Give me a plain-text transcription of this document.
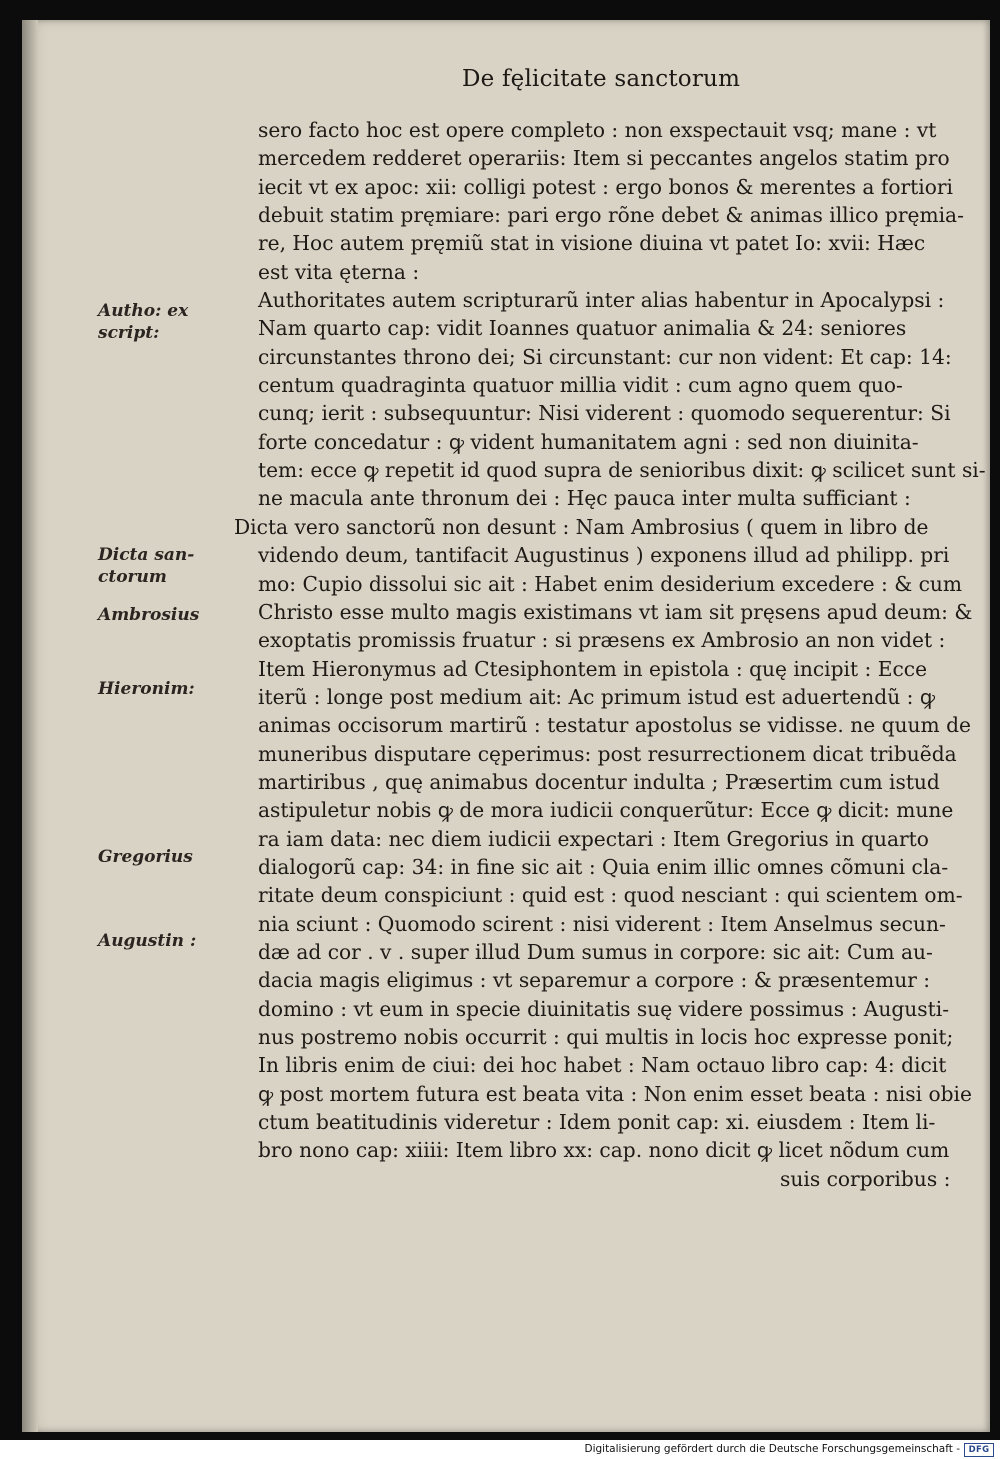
De fęlicitate sanctorum
sero facto hoc est opere completo : non exspectauit vsq; mane : vt
mercedem redderet operariis: Item si peccantes angelos statim pro
iecit vt ex apoc: xii: colligi potest : ergo bonos & merentes a fortiori
debuit statim pręmiare: pari ergo rõne debet & animas illico pręmia-
re, Hoc autem pręmiũ stat in visione diuina vt patet Io: xvii: Hæc
est vita ęterna :
Authoritates autem scripturarũ inter alias habentur in Apocalypsi :
Nam quarto cap: vidit Ioannes quatuor animalia & 24: seniores
circunstantes throno dei; Si circunstant: cur non vident: Et cap: 14:
centum quadraginta quatuor millia vidit : cum agno quem quo-
cunq; ierit : subsequuntur: Nisi viderent : quomodo sequerentur: Si
forte concedatur : ꝙ vident humanitatem agni : sed non diuinita-
tem: ecce ꝙ repetit id quod supra de senioribus dixit: ꝙ scilicet sunt si-
ne macula ante thronum dei : Hęc pauca inter multa sufficiant :
Dicta vero sanctorũ non desunt : Nam Ambrosius ( quem in libro de
videndo deum, tantifacit Augustinus ) exponens illud ad philipp. pri
mo: Cupio dissolui sic ait : Habet enim desiderium excedere : & cum
Christo esse multo magis existimans vt iam sit pręsens apud deum: &
exoptatis promissis fruatur : si præsens ex Ambrosio an non videt :
Item Hieronymus ad Ctesiphontem in epistola : quę incipit : Ecce
iterũ : longe post medium ait: Ac primum istud est aduertendũ : ꝙ
animas occisorum martirũ : testatur apostolus se vidisse. ne quum de
muneribus disputare cęperimus: post resurrectionem dicat tribuẽda
martiribus , quę animabus docentur indulta ; Præsertim cum istud
astipuletur nobis ꝙ de mora iudicii conquerũtur: Ecce ꝙ dicit: mune
ra iam data: nec diem iudicii expectari : Item Gregorius in quarto
dialogorũ cap: 34: in fine sic ait : Quia enim illic omnes cõmuni cla-
ritate deum conspiciunt : quid est : quod nesciant : qui scientem om-
nia sciunt : Quomodo scirent : nisi viderent : Item Anselmus secun-
dæ ad cor . v . super illud Dum sumus in corpore: sic ait: Cum au-
dacia magis eligimus : vt separemur a corpore : & præsentemur :
domino : vt eum in specie diuinitatis suę videre possimus : Augusti-
nus postremo nobis occurrit : qui multis in locis hoc expresse ponit;
In libris enim de ciui: dei hoc habet : Nam octauo libro cap: 4: dicit
ꝙ post mortem futura est beata vita : Non enim esset beata : nisi obie
ctum beatitudinis videretur : Idem ponit cap: xi. eiusdem : Item li-
bro nono cap: xiiii: Item libro xx: cap. nono dicit ꝙ licet nõdum cum
suis corporibus :
Autho: ex
script:
Dicta san-
ctorum
Ambrosius
Hieronim:
Gregorius
Augustin :
Digitalisierung gefördert durch die Deutsche Forschungsgemeinschaft -	DFG
